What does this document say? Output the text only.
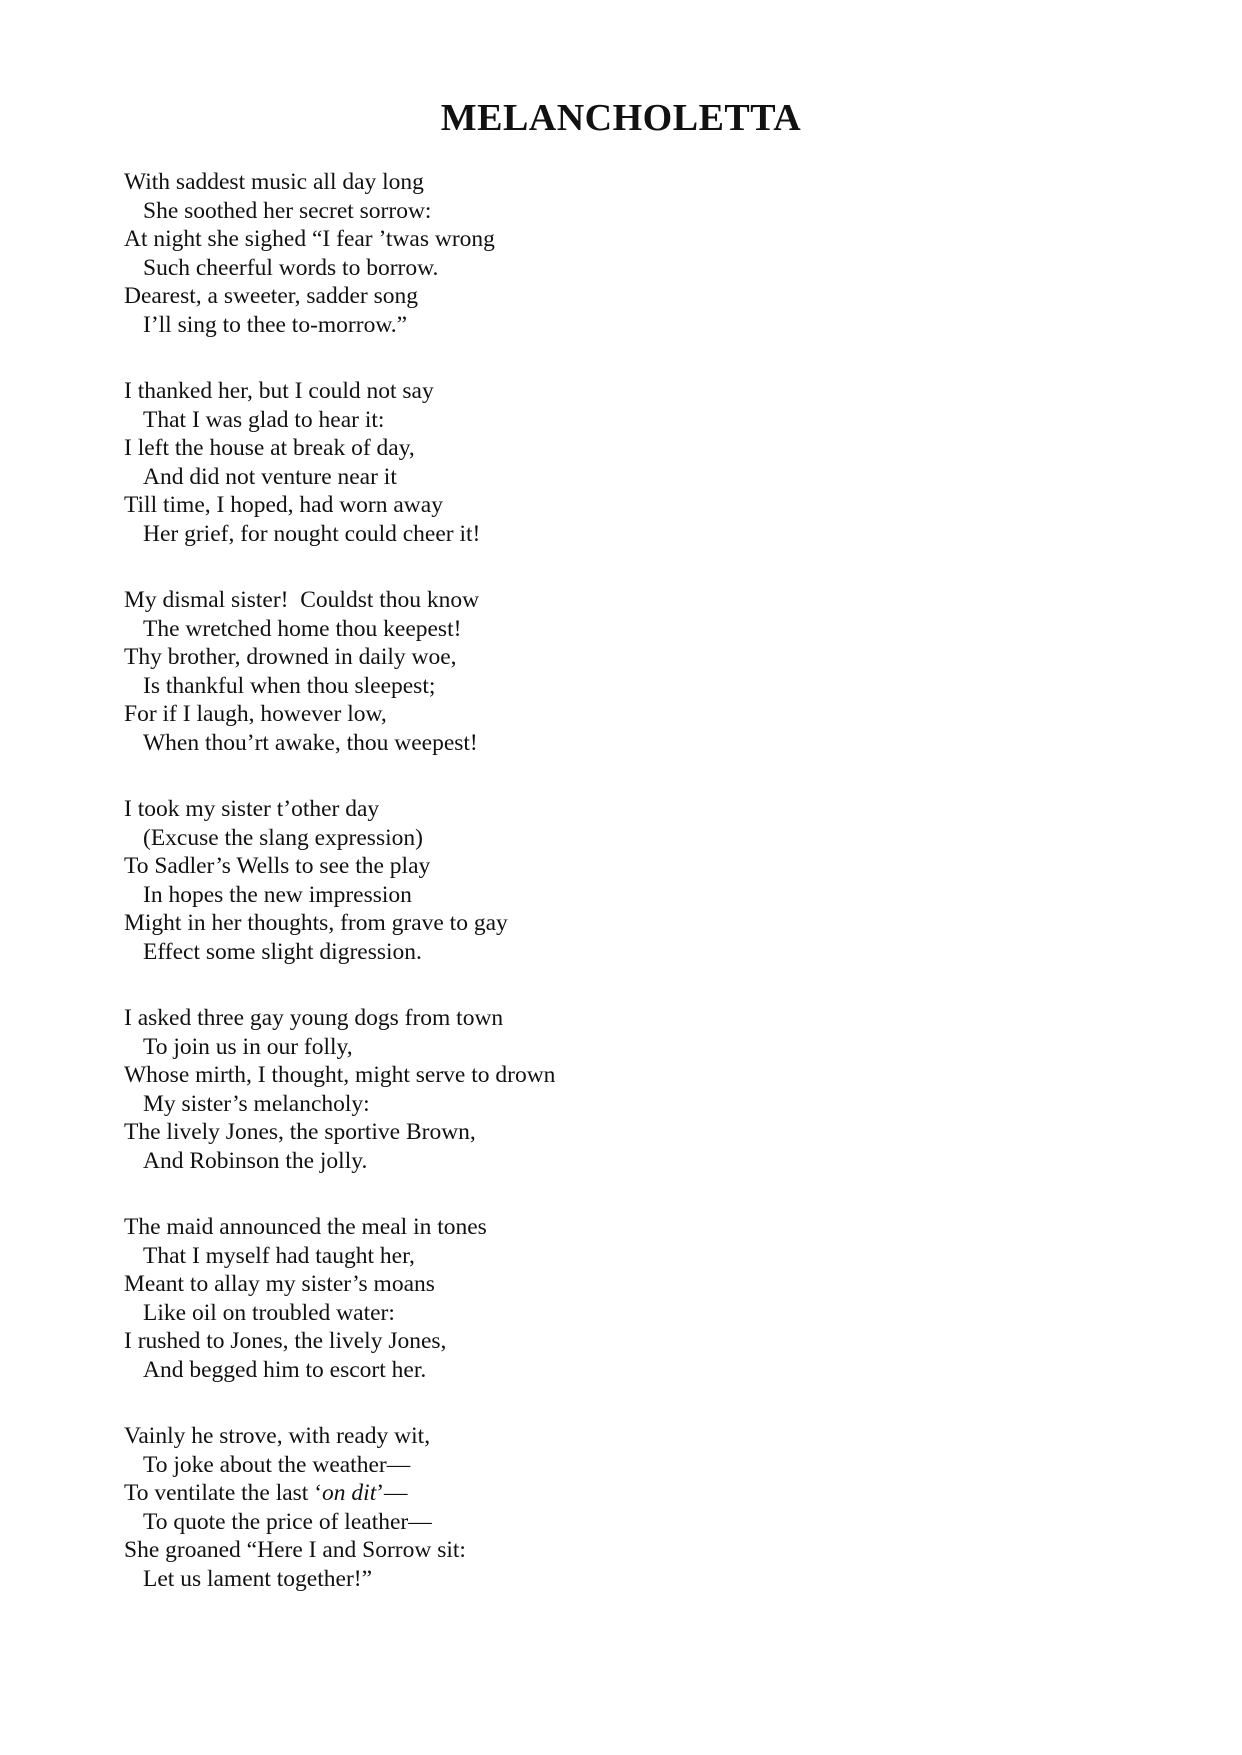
MELANCHOLETTA
With saddest music all day long
She soothed her secret sorrow:
At night she sighed “I fear ’twas wrong
Such cheerful words to borrow.
Dearest, a sweeter, sadder song
I’ll sing to thee to-morrow.”
I thanked her, but I could not say
That I was glad to hear it:
I left the house at break of day,
And did not venture near it
Till time, I hoped, had worn away
Her grief, for nought could cheer it!
My dismal sister!  Couldst thou know
The wretched home thou keepest!
Thy brother, drowned in daily woe,
Is thankful when thou sleepest;
For if I laugh, however low,
When thou’rt awake, thou weepest!
I took my sister t’other day
(Excuse the slang expression)
To Sadler’s Wells to see the play
In hopes the new impression
Might in her thoughts, from grave to gay
Effect some slight digression.
I asked three gay young dogs from town
To join us in our folly,
Whose mirth, I thought, might serve to drown
My sister’s melancholy:
The lively Jones, the sportive Brown,
And Robinson the jolly.
The maid announced the meal in tones
That I myself had taught her,
Meant to allay my sister’s moans
Like oil on troubled water:
I rushed to Jones, the lively Jones,
And begged him to escort her.
Vainly he strove, with ready wit,
To joke about the weather—
To ventilate the last ‘on dit’—
To quote the price of leather—
She groaned “Here I and Sorrow sit:
Let us lament together!”
